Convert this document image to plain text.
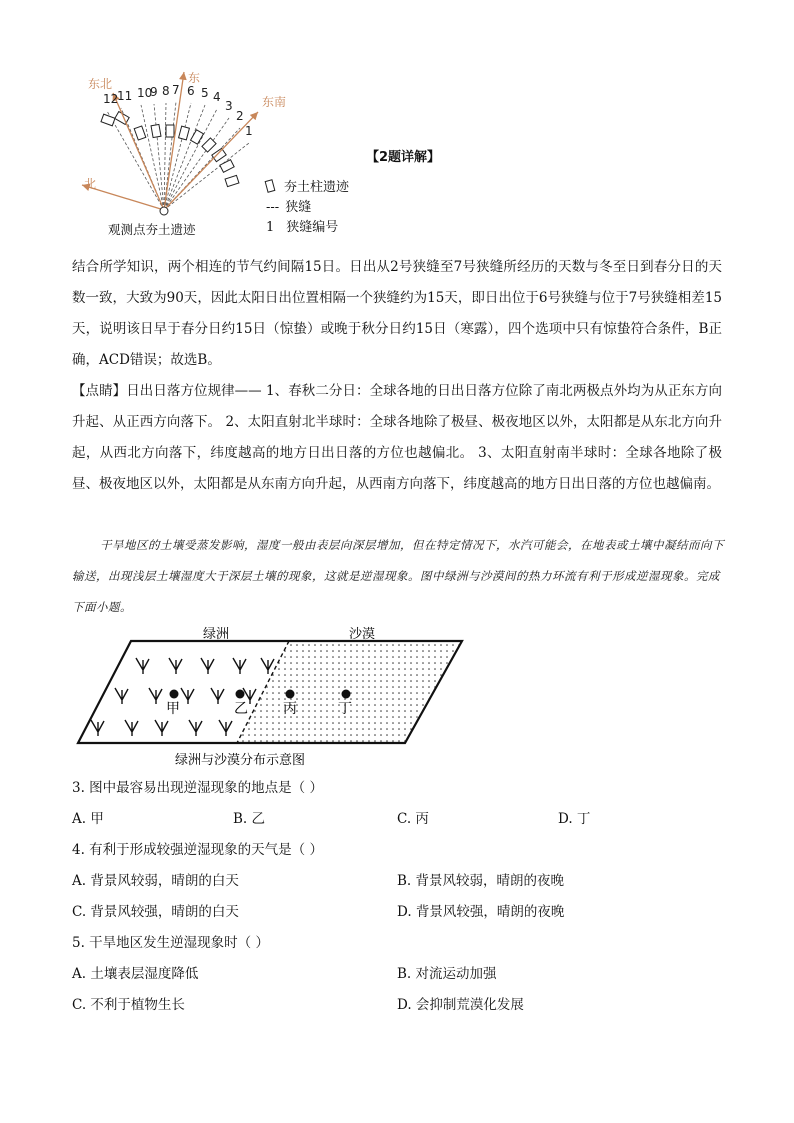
东北	东
东南
北
1
2
3
4
5
6
7
8
9
10
11
12
观测点夯土遗迹
【2题详解】
夯土柱遗迹
--- 狭缝
1 狭缝编号
结合所学知识，两个相连的节气约间隔15日。日出从2号狭缝至7号狭缝所经历的天数与冬至日到春分日的天数一致，大致为90天，因此太阳日出位置相隔一个狭缝约为15天，即日出位于6号狭缝与位于7号狭缝相差15天，说明该日早于春分日约15日（惊蛰）或晚于秋分日约15日（寒露），四个选项中只有惊蛰符合条件，B正确，ACD错误；故选B。
【点睛】日出日落方位规律—— 1、春秋二分日：全球各地的日出日落方位除了南北两极点外均为从正东方向升起、从正西方向落下。 2、太阳直射北半球时：全球各地除了极昼、极夜地区以外，太阳都是从东北方向升起，从西北方向落下，纬度越高的地方日出日落的方位也越偏北。 3、太阳直射南半球时：全球各地除了极昼、极夜地区以外，太阳都是从东南方向升起，从西南方向落下，纬度越高的地方日出日落的方位也越偏南。
干旱地区的土壤受蒸发影响，湿度一般由表层向深层增加，但在特定情况下，水汽可能会，在地表或土壤中凝结而向下输送，出现浅层土壤湿度大于深层土壤的现象，这就是逆湿现象。图中绿洲与沙漠间的热力环流有利于形成逆湿现象。完成下面小题。
绿洲	沙漠
甲	乙	丙	丁
绿洲与沙漠分布示意图
3. 图中最容易出现逆湿现象的地点是（ ）
A. 甲	B. 乙	C. 丙	D. 丁
4. 有利于形成较强逆湿现象的天气是（ ）
A. 背景风较弱，晴朗的白天	B. 背景风较弱，晴朗的夜晚
C. 背景风较强，晴朗的白天	D. 背景风较强，晴朗的夜晚
5. 干旱地区发生逆湿现象时（ ）
A. 土壤表层湿度降低	B. 对流运动加强
C. 不利于植物生长	D. 会抑制荒漠化发展
